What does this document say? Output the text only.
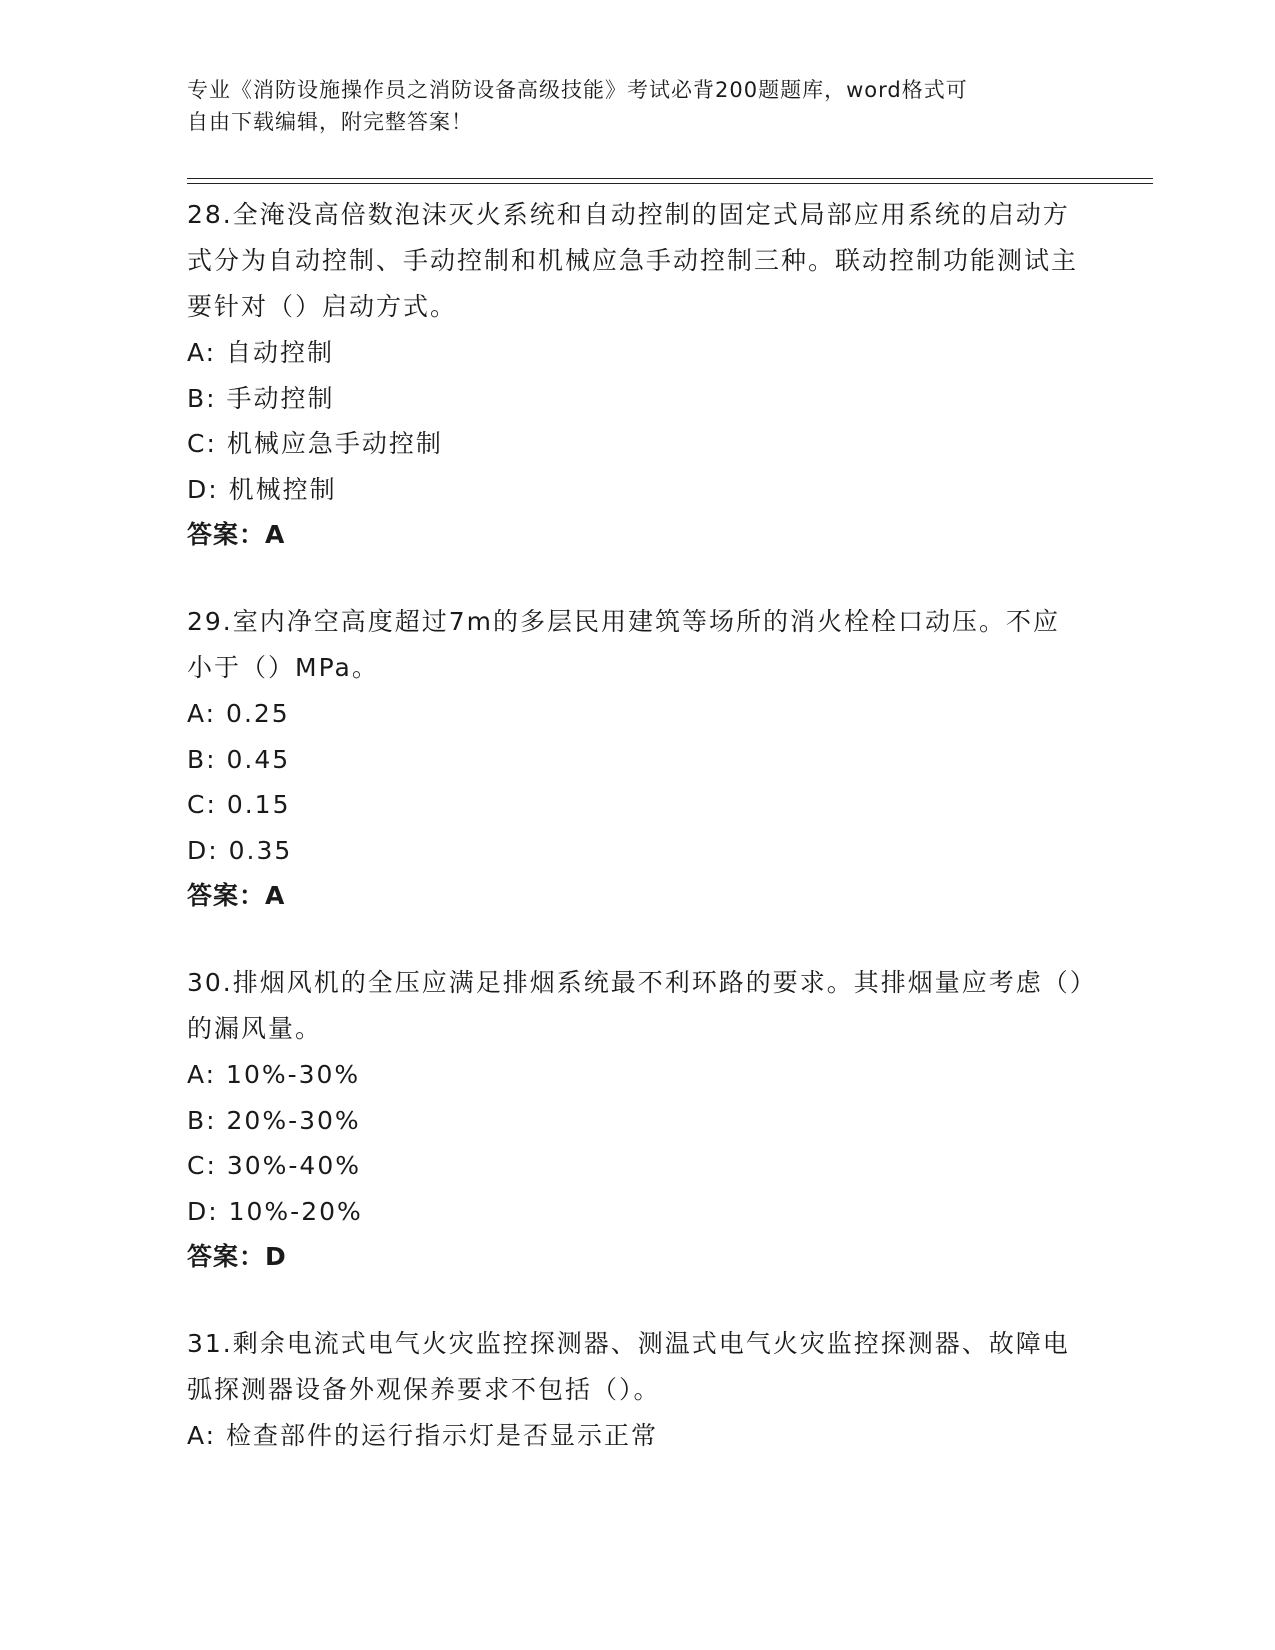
专业《消防设施操作员之消防设备高级技能》考试必背200题题库，word格式可
自由下载编辑，附完整答案！
28.全淹没高倍数泡沫灭火系统和自动控制的固定式局部应用系统的启动方式分为自动控制、手动控制和机械应急手动控制三种。联动控制功能测试主要针对（）启动方式。
A: 自动控制
B: 手动控制
C: 机械应急手动控制
D: 机械控制
答案：A
29.室内净空高度超过7m的多层民用建筑等场所的消火栓栓口动压。不应小于（）MPa。
A: 0.25
B: 0.45
C: 0.15
D: 0.35
答案：A
30.排烟风机的全压应满足排烟系统最不利环路的要求。其排烟量应考虑（）的漏风量。
A: 10%-30%
B: 20%-30%
C: 30%-40%
D: 10%-20%
答案：D
31.剩余电流式电气火灾监控探测器、测温式电气火灾监控探测器、故障电弧探测器设备外观保养要求不包括（）。
A: 检查部件的运行指示灯是否显示正常
